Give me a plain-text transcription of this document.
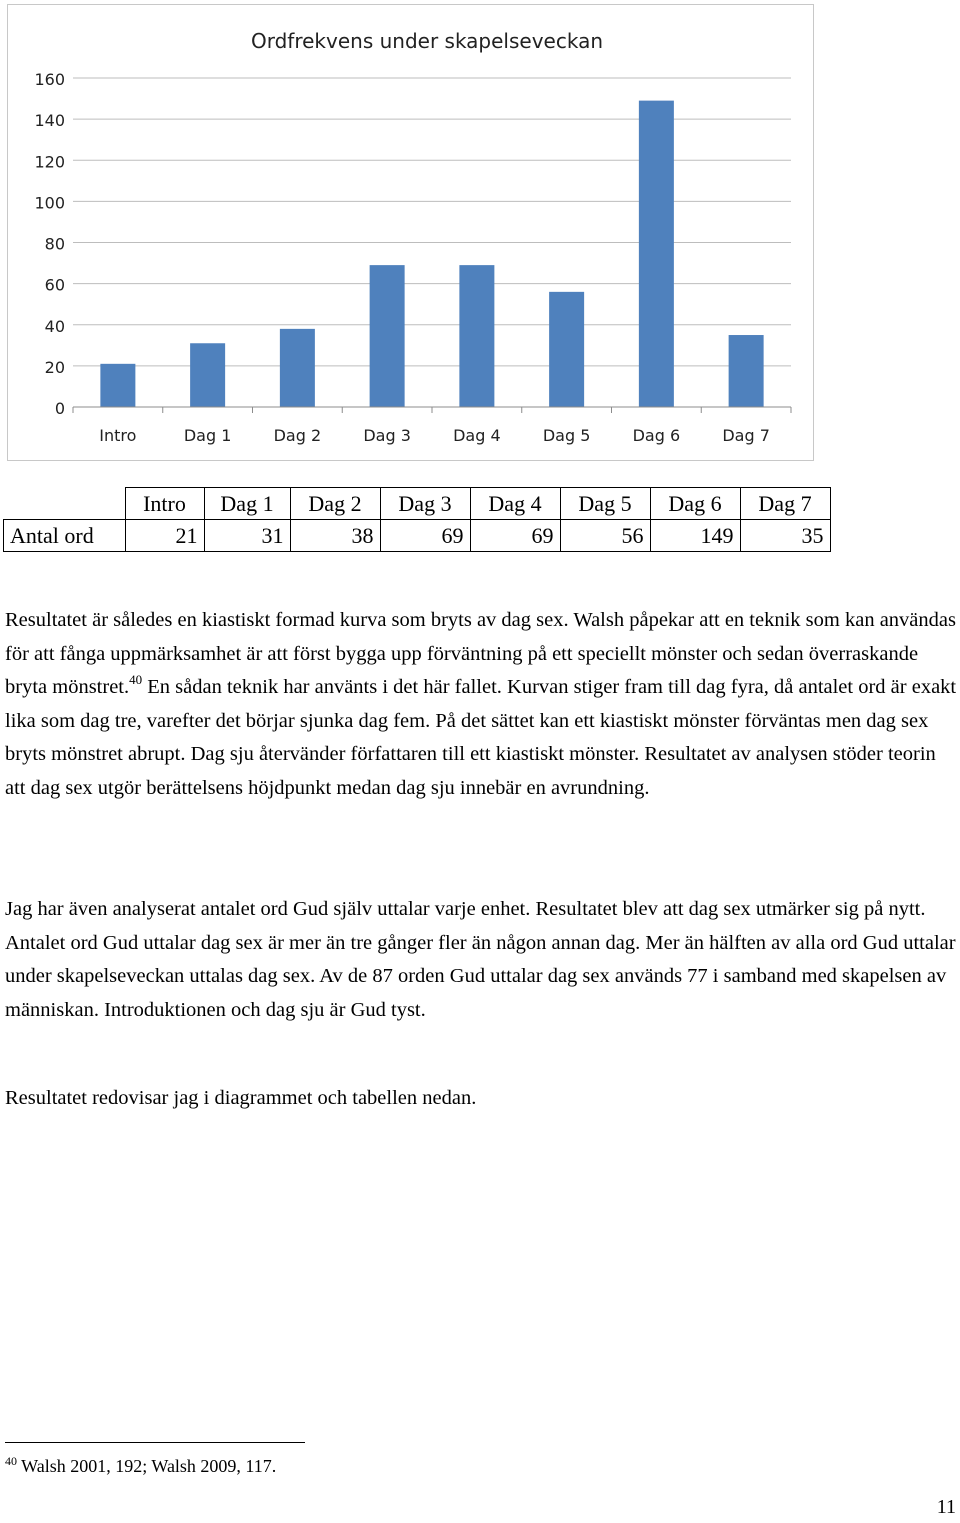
Ordfrekvens under skapelseveckan
0
20
40
60
80
100
120
140
160
Intro	Dag 1	Dag 2	Dag 3	Dag 4	Dag 5	Dag 6	Dag 7
	Intro	Dag 1	Dag 2	Dag 3	Dag 4	Dag 5	Dag 6	Dag 7
Antal ord	21	31	38	69	69	56	149	35

Resultatet är således en kiastiskt formad kurva som bryts av dag sex. Walsh påpekar att en teknik som kan användas för att fånga uppmärksamhet är att först bygga upp förväntning på ett speciellt mönster och sedan överraskande bryta mönstret.$^{40}$ En sådan teknik har använts i det här fallet. Kurvan stiger fram till dag fyra, då antalet ord är exakt lika som dag tre, varefter det börjar sjunka dag fem. På det sättet kan ett kiastiskt mönster förväntas men dag sex bryts mönstret abrupt. Dag sju återvänder författaren till ett kiastiskt mönster. Resultatet av analysen stöder teorin att dag sex utgör berättelsens höjdpunkt medan dag sju innebär en avrundning.

Jag har även analyserat antalet ord Gud själv uttalar varje enhet. Resultatet blev att dag sex utmärker sig på nytt. Antalet ord Gud uttalar dag sex är mer än tre gånger fler än någon annan dag. Mer än hälften av alla ord Gud uttalar under skapelseveckan uttalas dag sex. Av de 87 orden Gud uttalar dag sex används 77 i samband med skapelsen av människan. Introduktionen och dag sju är Gud tyst.

Resultatet redovisar jag i diagrammet och tabellen nedan.

$^{40}$ Walsh 2001, 192; Walsh 2009, 117.

11
